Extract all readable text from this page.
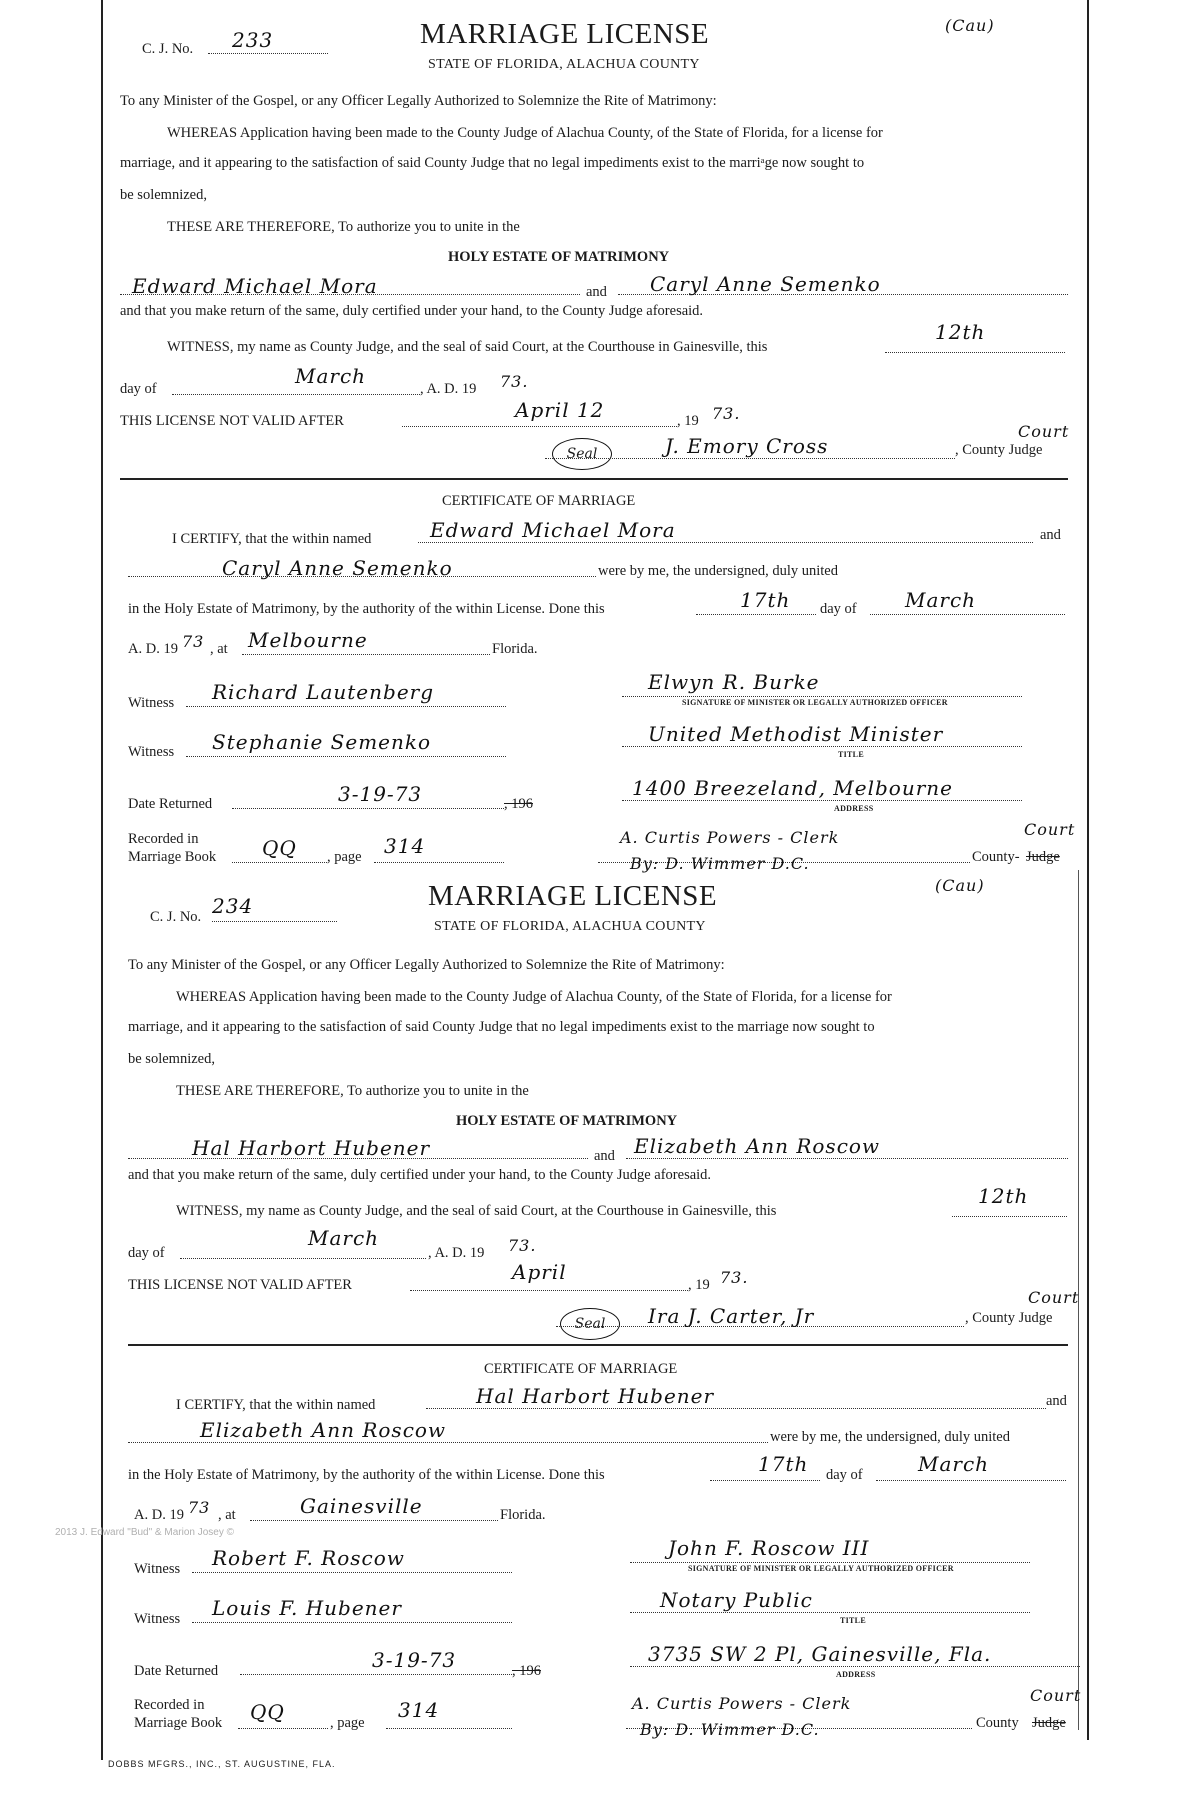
C. J. No. 233	MARRIAGE LICENSE
STATE OF FLORIDA, ALACHUA COUNTY
(Cau)
To any Minister of the Gospel, or any Officer Legally Authorized to Solemnize the Rite of Matrimony:
WHEREAS Application having been made to the County Judge of Alachua County, of the State of Florida, for a license for
marriage, and it appearing to the satisfaction of said County Judge that no legal impediments exist to the marriᵃge now sought to
be solemnized,
THESE ARE THEREFORE, To authorize you to unite in the
HOLY ESTATE OF MATRIMONY
Edward Michael Mora	and Caryl Anne Semenko
and that you make return of the same, duly certified under your hand, to the County Judge aforesaid.
WITNESS, my name as County Judge, and the seal of said Court, at the Courthouse in Gainesville, this
12th
day of
March
, A. D. 19 73.
THIS LICENSE NOT VALID AFTER	April 12	, 19 73.
Seal	J. Emory Cross	, County Judge
Court
CERTIFICATE OF MARRIAGE
I CERTIFY, that the within named	Edward Michael Mora	and
Caryl Anne Semenko	were by me, the undersigned, duly united
in the Holy Estate of Matrimony, by the authority of the within License. Done this	17th day of March
A. D. 19 73 , at Melbourne	Florida.
Witness Richard Lautenberg	Elwyn R. Burke
SIGNATURE OF MINISTER OR LEGALLY AUTHORIZED OFFICER
Witness Stephanie Semenko	United Methodist Minister
TITLE
Date Returned	3-19-73	, 196
1400 Breezeland, Melbourne
ADDRESS
Recorded in
Marriage Book QQ , page 314	A. Curtis Powers - Clerk
By: D. Wimmer D.C.	County- Judge
Court
C. J. No. 234	MARRIAGE LICENSE
STATE OF FLORIDA, ALACHUA COUNTY
(Cau)
To any Minister of the Gospel, or any Officer Legally Authorized to Solemnize the Rite of Matrimony:
WHEREAS Application having been made to the County Judge of Alachua County, of the State of Florida, for a license for
marriage, and it appearing to the satisfaction of said County Judge that no legal impediments exist to the marriage now sought to
be solemnized,
THESE ARE THEREFORE, To authorize you to unite in the
HOLY ESTATE OF MATRIMONY
Hal Harbort Hubener	and Elizabeth Ann Roscow
and that you make return of the same, duly certified under your hand, to the County Judge aforesaid.
WITNESS, my name as County Judge, and the seal of said Court, at the Courthouse in Gainesville, this
12th
day of
March
, A. D. 19 73.
THIS LICENSE NOT VALID AFTER
April
, 19 73.
Seal	Ira J. Carter, Jr	, County Judge
Court
CERTIFICATE OF MARRIAGE
I CERTIFY, that the within named	Hal Harbort Hubener	and
Elizabeth Ann Roscow	were by me, the undersigned, duly united
in the Holy Estate of Matrimony, by the authority of the within License. Done this	17th day of	March
A. D. 19 73 , at	Gainesville	Florida.
Witness Robert F. Roscow	John F. Roscow III
SIGNATURE OF MINISTER OR LEGALLY AUTHORIZED OFFICER
Witness Louis F. Hubener	Notary Public
TITLE
Date Returned	3-19-73	, 196
3735 SW 2 Pl, Gainesville, Fla.
ADDRESS
Recorded in
Marriage Book QQ	, page
314	A. Curtis Powers - Clerk
By: D. Wimmer D.C.	County Judge
Court
2013 J. Edward "Bud" & Marion Josey ©
DOBBS MFGRS., INC., ST. AUGUSTINE, FLA.
